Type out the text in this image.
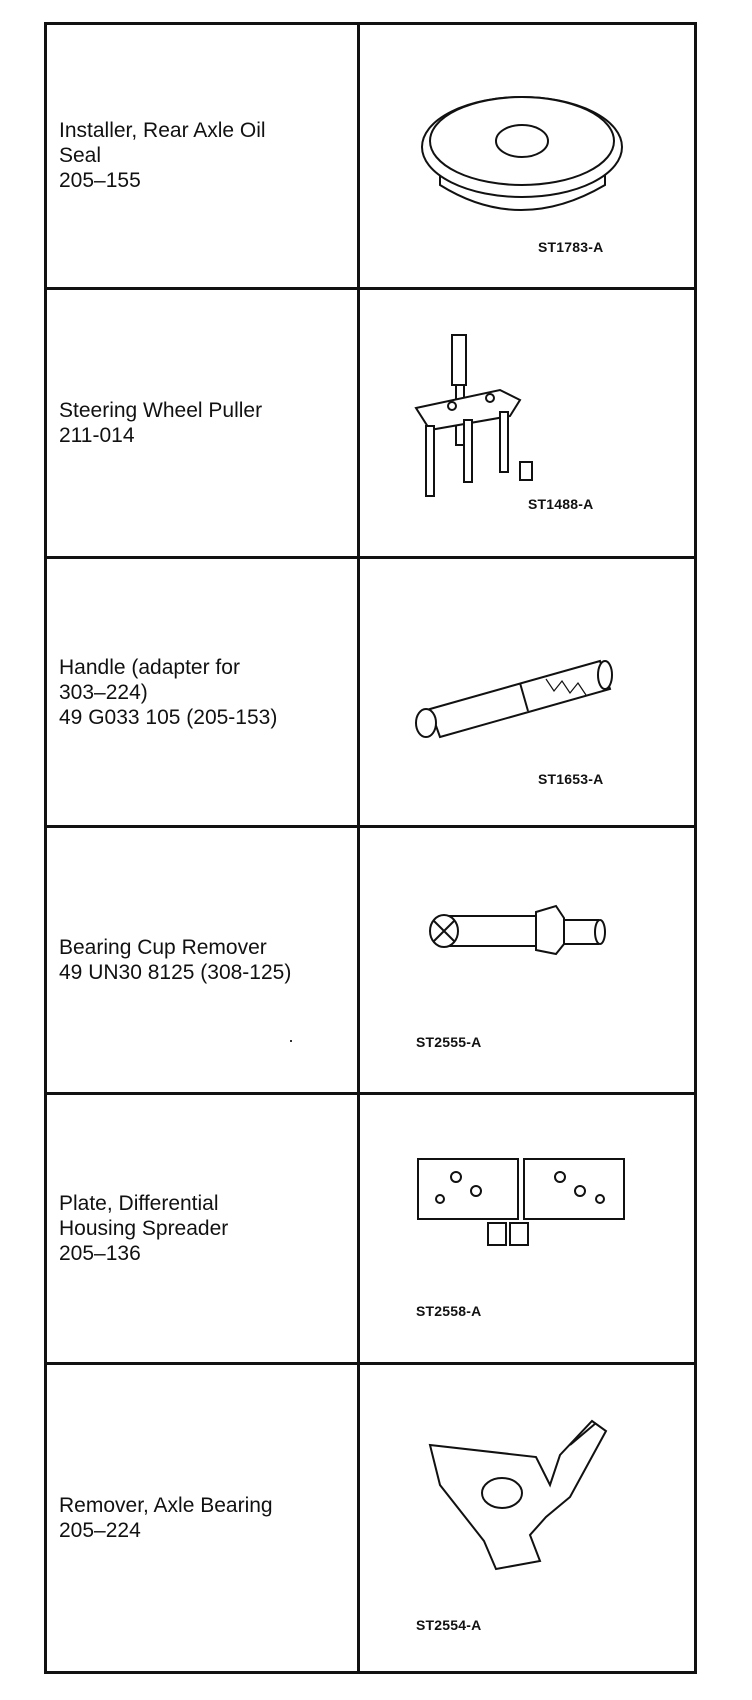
Installer, Rear Axle Oil
Seal
205–155	ST1783-A

Steering Wheel Puller
211-014	ST1488-A

Handle (adapter for
303–224)
49 G033 105 (205-153)	ST1653-A

Bearing Cup Remover
49 UN30 8125 (308-125)	ST2555-A

Plate, Differential
Housing Spreader
205–136	ST2558-A

Remover, Axle Bearing
205–224	ST2554-A
